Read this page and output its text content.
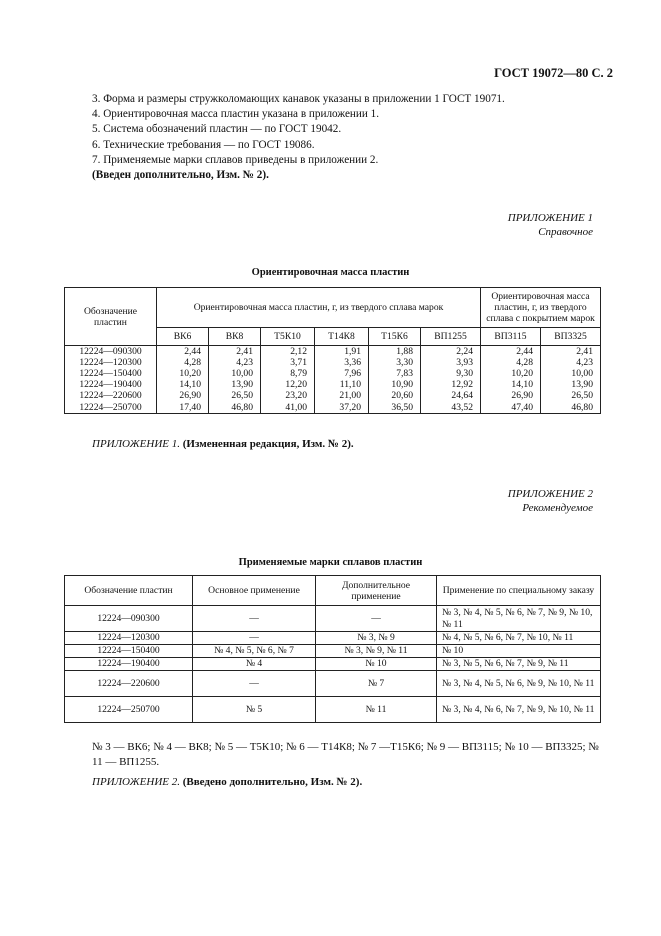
ГОСТ 19072—80 С. 2
3. Форма и размеры стружколомающих канавок указаны в приложении 1 ГОСТ 19071.
4. Ориентировочная масса пластин указана в приложении 1.
5. Система обозначений пластин — по ГОСТ 19042.
6. Технические требования — по ГОСТ 19086.
7. Применяемые марки сплавов приведены в приложении 2.
(Введен дополнительно, Изм. № 2).
ПРИЛОЖЕНИЕ 1
Справочное
Ориентировочная масса пластин
Обозначение пластин	Ориентировочная масса пластин, г, из твердого сплава марок						Ориентировочная масса пластин, г, из твердого сплава с покрытием марок	
	ВК6	ВК8	Т5К10	Т14К8	Т15К6	ВП1255	ВП3115	ВП3325
12224—090300	2,44	2,41	2,12	1,91	1,88	2,24	2,44	2,41
12224—120300	4,28	4,23	3,71	3,36	3,30	3,93	4,28	4,23
12224—150400	10,20	10,00	8,79	7,96	7,83	9,30	10,20	10,00
12224—190400	14,10	13,90	12,20	11,10	10,90	12,92	14,10	13,90
12224—220600	26,90	26,50	23,20	21,00	20,60	24,64	26,90	26,50
12224—250700	17,40	46,80	41,00	37,20	36,50	43,52	47,40	46,80
ПРИЛОЖЕНИЕ 1. (Измененная редакция, Изм. № 2).
ПРИЛОЖЕНИЕ 2
Рекомендуемое
Применяемые марки сплавов пластин
Обозначение пластин	Основное применение	Дополнительное применение	Применение по специальному заказу
12224—090300	—	—	№ 3, № 4, № 5, № 6, № 7, № 9, № 10, № 11
12224—120300	—	№ 3, № 9	№ 4, № 5, № 6, № 7, № 10, № 11
12224—150400	№ 4, № 5, № 6, № 7	№ 3, № 9, № 11	№ 10
12224—190400	№ 4	№ 10	№ 3, № 5, № 6, № 7, № 9, № 11
12224—220600	—	№ 7	№ 3, № 4, № 5, № 6, № 9, № 10, № 11
12224—250700	№ 5	№ 11	№ 3, № 4, № 6, № 7, № 9, № 10, № 11
№ 3 — ВК6; № 4 — ВК8; № 5 — Т5К10; № 6 — Т14К8; № 7 —Т15К6; № 9 — ВП3115; № 10 — ВП3325; № 11 — ВП1255.
ПРИЛОЖЕНИЕ 2. (Введено дополнительно, Изм. № 2).
